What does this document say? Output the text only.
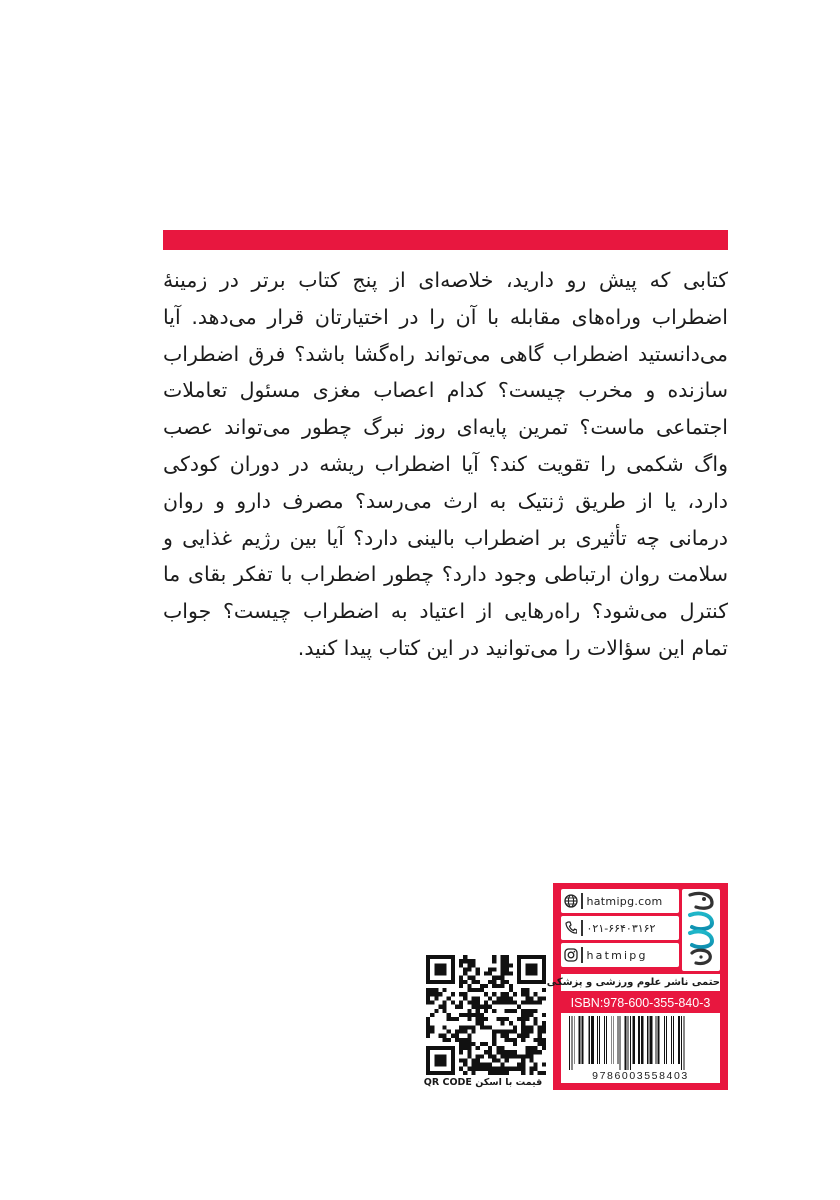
کتابی که پیش رو دارید، خلاصه‌ای از پنج کتاب برتر در زمینهٔ اضطراب وراه‌های مقابله با آن را در اختیارتان قرار می‌دهد. آیا می‌دانستید اضطراب گاهی می‌تواند راه‌گشا باشد؟ فرق اضطراب سازنده و مخرب چیست؟ کدام اعصاب مغزی مسئول تعاملات اجتماعی ماست؟ تمرین پایه‌ای روز نبرگ چطور می‌تواند عصب واگ شکمی را تقویت کند؟ آیا اضطراب ریشه در دوران کودکی دارد، یا از طریق ژنتیک به ارث می‌رسد؟ مصرف دارو و روان درمانی چه تأثیری بر اضطراب بالینی دارد؟ آیا بین رژیم غذایی و سلامت روان ارتباطی وجود دارد؟ چطور اضطراب با تفکر بقای ما کنترل می‌شود؟ راه‌رهایی از اعتیاد به اضطراب چیست؟ جواب تمام این سؤالات را می‌توانید در این کتاب پیدا کنید.

قیمت با اسکن QR CODE
hatmipg.com
۰۲۱-۶۶۴۰۳۱۶۲
hatmipg
حتمی ناشر علوم ورزشی و پزشکی
ISBN:978-600-355-840-3
9786003558403
